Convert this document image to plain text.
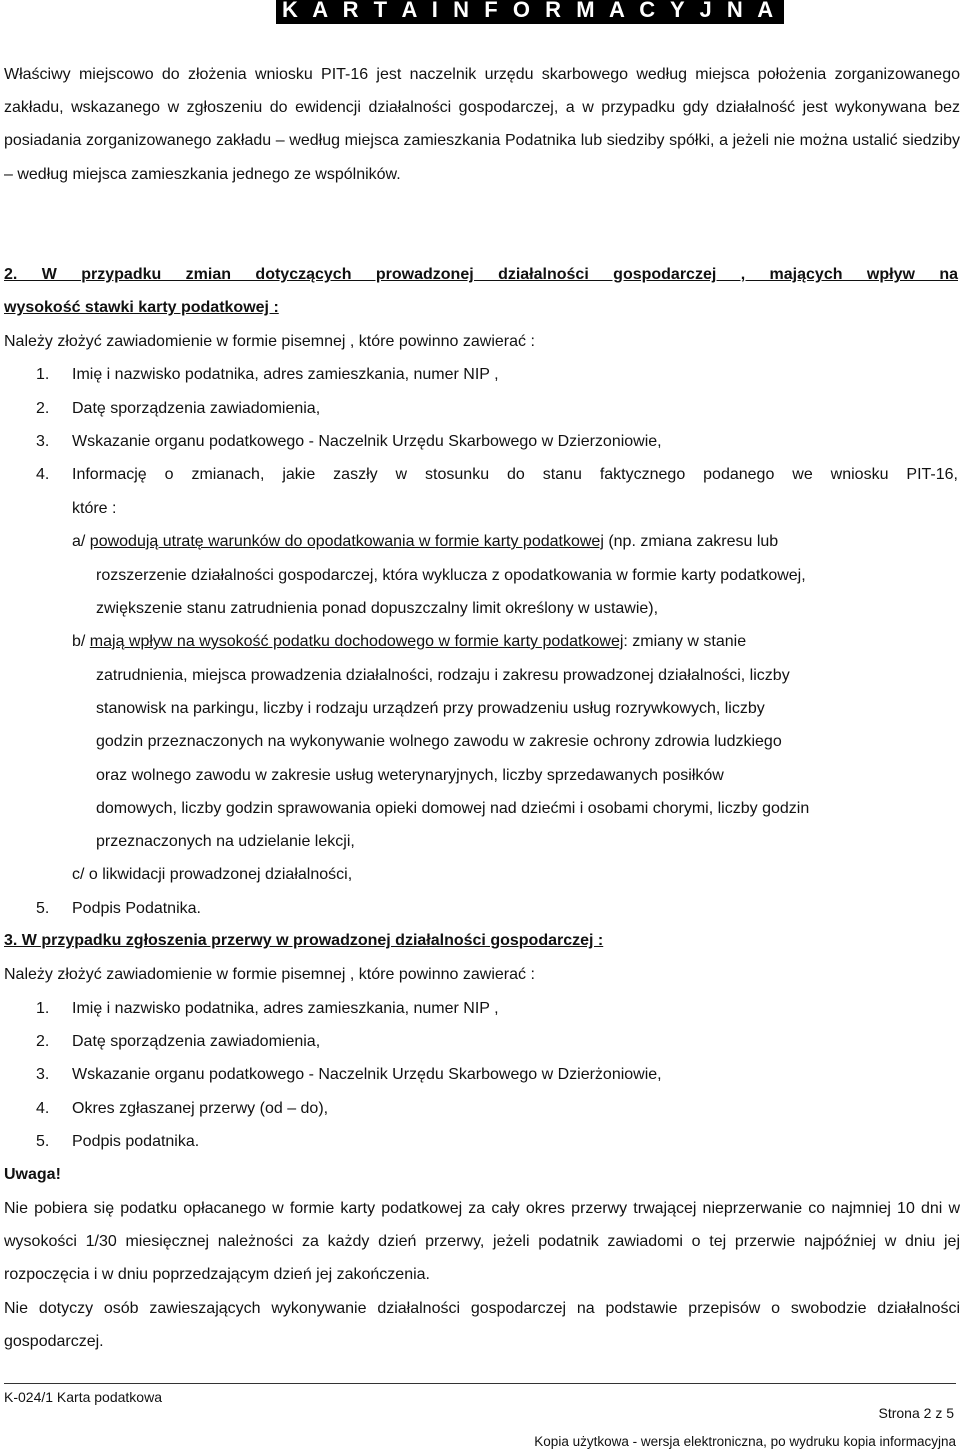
K A R T A I N F O R M A C Y J N A

Właściwy miejscowo do złożenia wniosku PIT-16 jest naczelnik urzędu skarbowego według miejsca położenia zorganizowanego zakładu, wskazanego w zgłoszeniu do ewidencji działalności gospodarczej, a w przypadku gdy działalność jest wykonywana bez posiadania zorganizowanego zakładu – według miejsca zamieszkania Podatnika lub siedziby spółki, a jeżeli nie można ustalić siedziby – według miejsca zamieszkania jednego ze wspólników.

2. W przypadku zmian dotyczących prowadzonej działalności gospodarczej , mających wpływ na

wysokość stawki karty podatkowej :

Należy złożyć zawiadomienie w formie pisemnej , które powinno zawierać :

1. Imię i nazwisko podatnika, adres zamieszkania, numer NIP ,

2. Datę sporządzenia zawiadomienia,

3. Wskazanie organu podatkowego - Naczelnik Urzędu Skarbowego w Dzierzoniowie,

4. Informację o zmianach, jakie zaszły w stosunku do stanu faktycznego podanego we wniosku PIT-16,

które :

a/ powodują utratę warunków do opodatkowania w formie karty podatkowej (np. zmiana zakresu lub

rozszerzenie działalności gospodarczej, która wyklucza z opodatkowania w formie karty podatkowej,

zwiększenie stanu zatrudnienia ponad dopuszczalny limit określony w ustawie),

b/ mają wpływ na wysokość podatku dochodowego w formie karty podatkowej: zmiany w stanie

zatrudnienia, miejsca prowadzenia działalności, rodzaju i zakresu prowadzonej działalności, liczby

stanowisk na parkingu, liczby i rodzaju urządzeń przy prowadzeniu usług rozrywkowych, liczby

godzin przeznaczonych na wykonywanie wolnego zawodu w zakresie ochrony zdrowia ludzkiego

oraz wolnego zawodu w zakresie usług weterynaryjnych, liczby sprzedawanych posiłków

domowych, liczby godzin sprawowania opieki domowej nad dziećmi i osobami chorymi, liczby godzin

przeznaczonych na udzielanie lekcji,

c/ o likwidacji prowadzonej działalności,

5. Podpis Podatnika.

3. W przypadku zgłoszenia przerwy w prowadzonej działalności gospodarczej :

Należy złożyć zawiadomienie w formie pisemnej , które powinno zawierać :

1. Imię i nazwisko podatnika, adres zamieszkania, numer NIP ,

2. Datę sporządzenia zawiadomienia,

3. Wskazanie organu podatkowego - Naczelnik Urzędu Skarbowego w Dzierżoniowie,

4. Okres zgłaszanej przerwy (od – do),

5. Podpis podatnika.

Uwaga!

Nie pobiera się podatku opłacanego w formie karty podatkowej za cały okres przerwy trwającej nieprzerwanie co najmniej 10 dni w wysokości 1/30 miesięcznej należności za każdy dzień przerwy, jeżeli podatnik zawiadomi o tej przerwie najpóźniej w dniu jej rozpoczęcia i w dniu poprzedzającym dzień jej zakończenia.

Nie dotyczy osób zawieszających wykonywanie działalności gospodarczej na podstawie przepisów o swobodzie działalności gospodarczej.

K-024/1 Karta podatkowa

Strona 2 z 5

Kopia użytkowa - wersja elektroniczna, po wydruku kopia informacyjna
